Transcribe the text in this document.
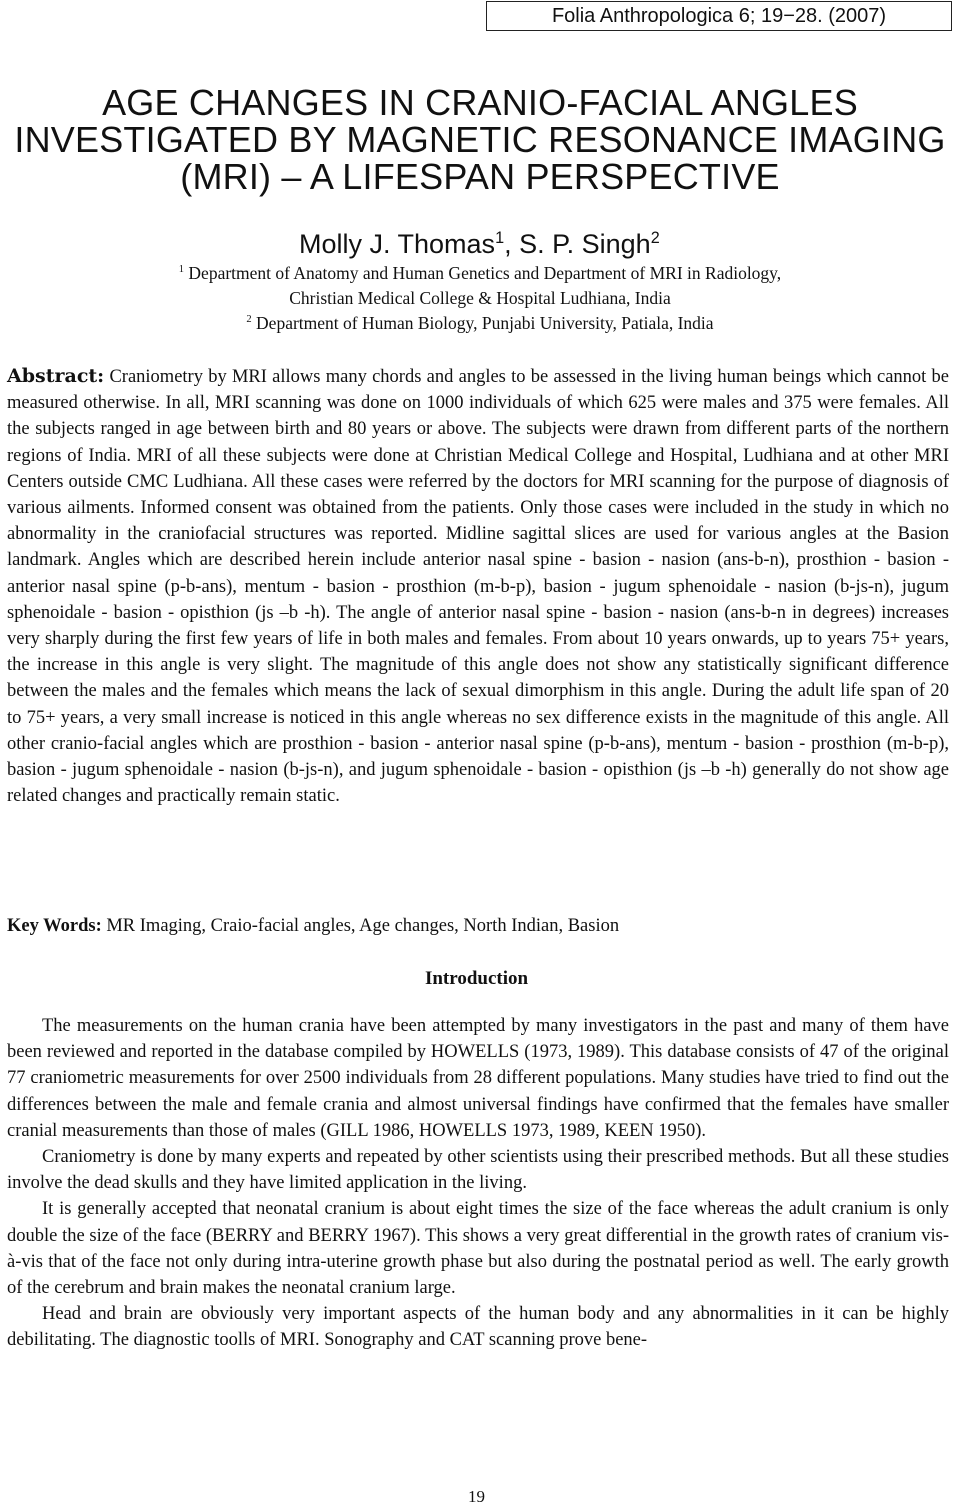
Folia Anthropologica 6; 19−28. (2007)
AGE CHANGES IN CRANIO-FACIAL ANGLES
INVESTIGATED BY MAGNETIC RESONANCE IMAGING
(MRI) – A LIFESPAN PERSPECTIVE
Molly J. Thomas$^1$, S. P. Singh$^2$
$^1$ Department of Anatomy and Human Genetics and Department of MRI in Radiology,
Christian Medical College & Hospital Ludhiana, India
$^2$ Department of Human Biology, Punjabi University, Patiala, India
Abstract: Craniometry by MRI allows many chords and angles to be assessed in the living human beings which cannot be measured otherwise. In all, MRI scanning was done on 1000 individuals of which 625 were males and 375 were females. All the subjects ranged in age between birth and 80 years or above. The subjects were drawn from different parts of the northern regions of India. MRI of all these subjects were done at Christian Medical College and Hospital, Ludhiana and at other MRI Centers outside CMC Ludhiana. All these cases were referred by the doctors for MRI scanning for the purpose of diagnosis of various ailments. Informed consent was obtained from the patients. Only those cases were included in the study in which no abnormality in the craniofacial structures was reported. Midline sagittal slices are used for various angles at the Basion landmark. Angles which are described herein include anterior nasal spine - basion - nasion (ans-b-n), prosthion - basion - anterior nasal spine (p-b-ans), mentum - basion - prosthion (m-b-p), basion - jugum sphenoidale - nasion (b-js-n), jugum sphenoidale - basion - opisthion (js –b -h). The angle of anterior nasal spine - basion - nasion (ans-b-n in degrees) increases very sharply during the first few years of life in both males and females. From about 10 years onwards, up to years 75+ years, the increase in this angle is very slight. The magnitude of this angle does not show any statistically significant difference between the males and the females which means the lack of sexual dimorphism in this angle. During the adult life span of 20 to 75+ years, a very small increase is noticed in this angle whereas no sex difference exists in the magnitude of this angle. All other cranio-facial angles which are prosthion - basion - anterior nasal spine (p-b-ans), mentum - basion - prosthion (m-b-p), basion - jugum sphenoidale - nasion (b-js-n), and jugum sphenoidale - basion - opisthion (js –b -h) generally do not show age related changes and practically remain static.
Key Words: MR Imaging, Craio-facial angles, Age changes, North Indian, Basion
Introduction

The measurements on the human crania have been attempted by many investigators in the past and many of them have been reviewed and reported in the database compiled by HOWELLS (1973, 1989). This database consists of 47 of the original 77 craniometric measurements for over 2500 individuals from 28 different populations. Many studies have tried to find out the differences between the male and female crania and almost universal findings have confirmed that the females have smaller cranial measurements than those of males (GILL 1986, HOWELLS 1973, 1989, KEEN 1950).

Craniometry is done by many experts and repeated by other scientists using their prescribed methods. But all these studies involve the dead skulls and they have limited application in the living.

It is generally accepted that neonatal cranium is about eight times the size of the face whereas the adult cranium is only double the size of the face (BERRY and BERRY 1967). This shows a very great differential in the growth rates of cranium vis-à-vis that of the face not only during intra-uterine growth phase but also during the postnatal period as well. The early growth of the cerebrum and brain makes the neonatal cranium large.

Head and brain are obviously very important aspects of the human body and any abnormalities in it can be highly debilitating. The diagnostic toolls of MRI. Sonography and CAT scanning prove bene-

19
